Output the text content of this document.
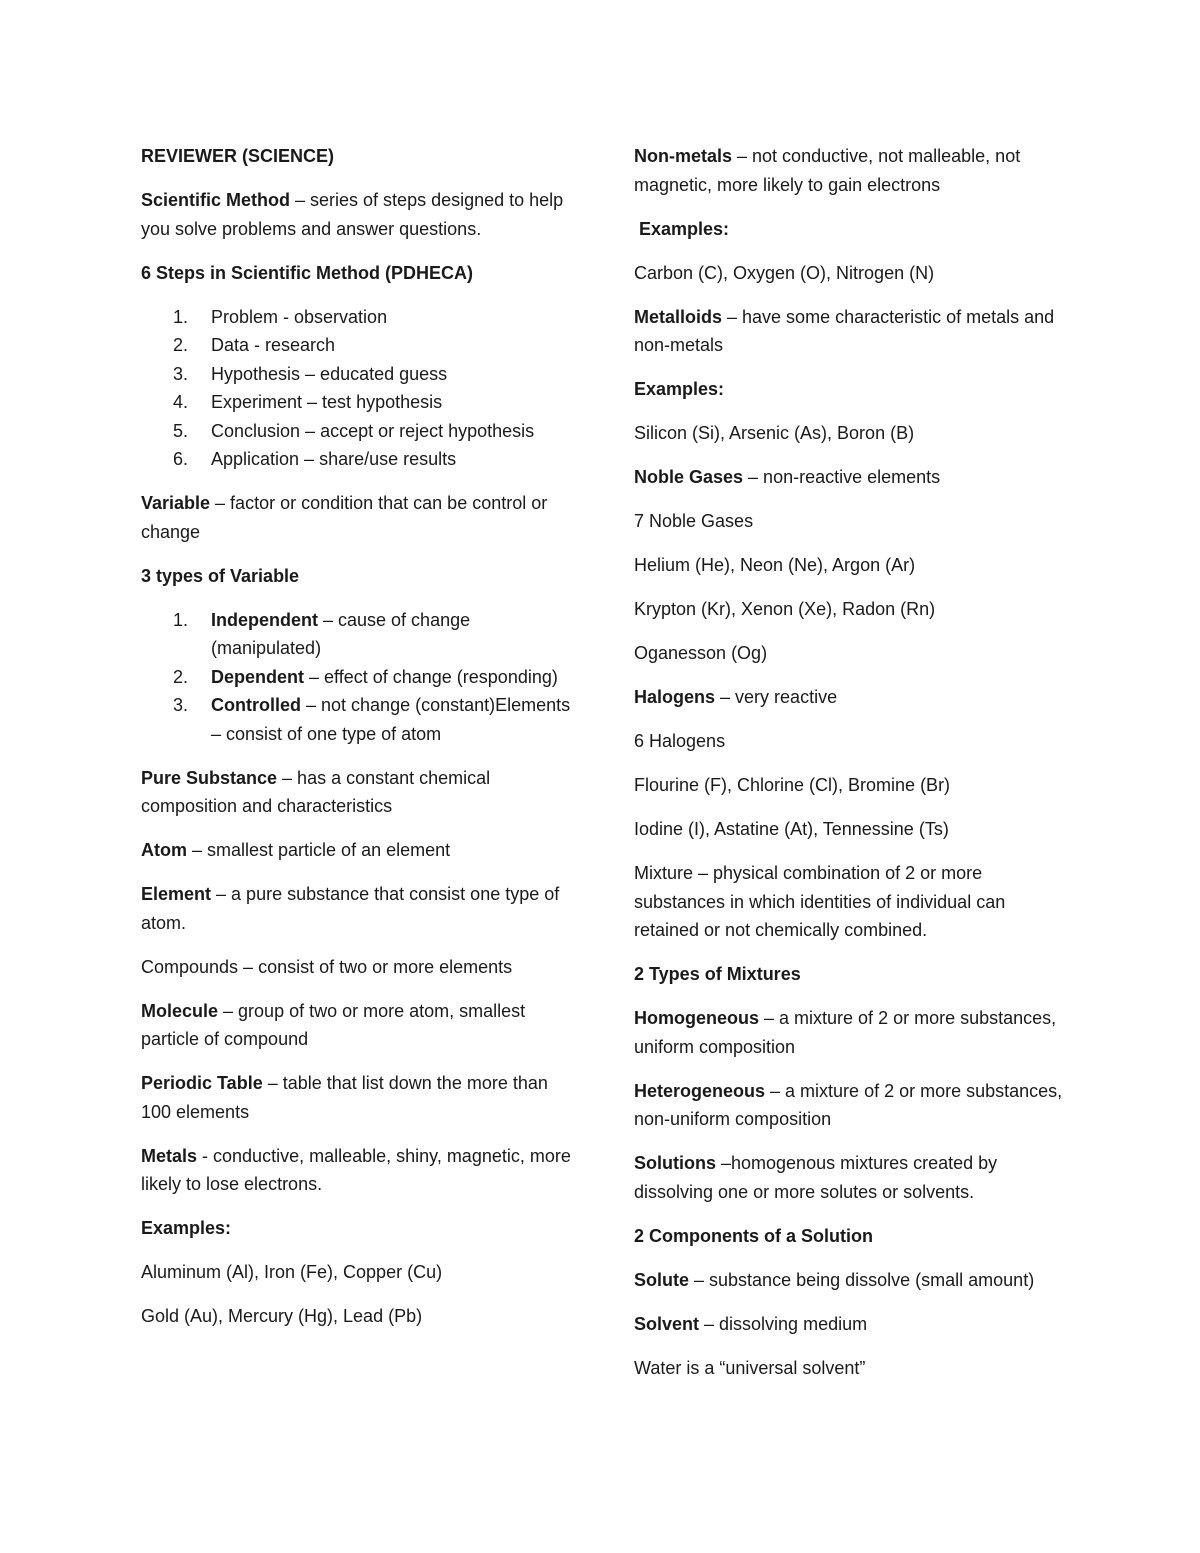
REVIEWER (SCIENCE)

Scientific Method – series of steps designed to help you solve problems and answer questions.

6 Steps in Scientific Method (PDHECA)

1. Problem - observation
2. Data - research
3. Hypothesis – educated guess
4. Experiment – test hypothesis
5. Conclusion – accept or reject hypothesis
6. Application – share/use results

Variable – factor or condition that can be control or change

3 types of Variable

1. Independent – cause of change (manipulated)
2. Dependent – effect of change (responding)
3. Controlled – not change (constant)Elements – consist of one type of atom

Pure Substance – has a constant chemical composition and characteristics

Atom – smallest particle of an element

Element – a pure substance that consist one type of atom.

Compounds – consist of two or more elements

Molecule – group of two or more atom, smallest particle of compound

Periodic Table – table that list down the more than 100 elements

Metals - conductive, malleable, shiny, magnetic, more likely to lose electrons.

Examples:

Aluminum (Al), Iron (Fe), Copper (Cu)

Gold (Au), Mercury (Hg), Lead (Pb)

Non-metals – not conductive, not malleable, not magnetic, more likely to gain electrons

Examples:

Carbon (C), Oxygen (O), Nitrogen (N)

Metalloids – have some characteristic of metals and non-metals

Examples:

Silicon (Si), Arsenic (As), Boron (B)

Noble Gases – non-reactive elements

7 Noble Gases

Helium (He), Neon (Ne), Argon (Ar)

Krypton (Kr), Xenon (Xe), Radon (Rn)

Oganesson (Og)

Halogens – very reactive

6 Halogens

Flourine (F), Chlorine (Cl), Bromine (Br)

Iodine (I), Astatine (At), Tennessine (Ts)

Mixture – physical combination of 2 or more substances in which identities of individual can retained or not chemically combined.

2 Types of Mixtures

Homogeneous – a mixture of 2 or more substances, uniform composition

Heterogeneous – a mixture of 2 or more substances, non-uniform composition

Solutions –homogenous mixtures created by dissolving one or more solutes or solvents.

2 Components of a Solution

Solute – substance being dissolve (small amount)

Solvent – dissolving medium

Water is a “universal solvent”
